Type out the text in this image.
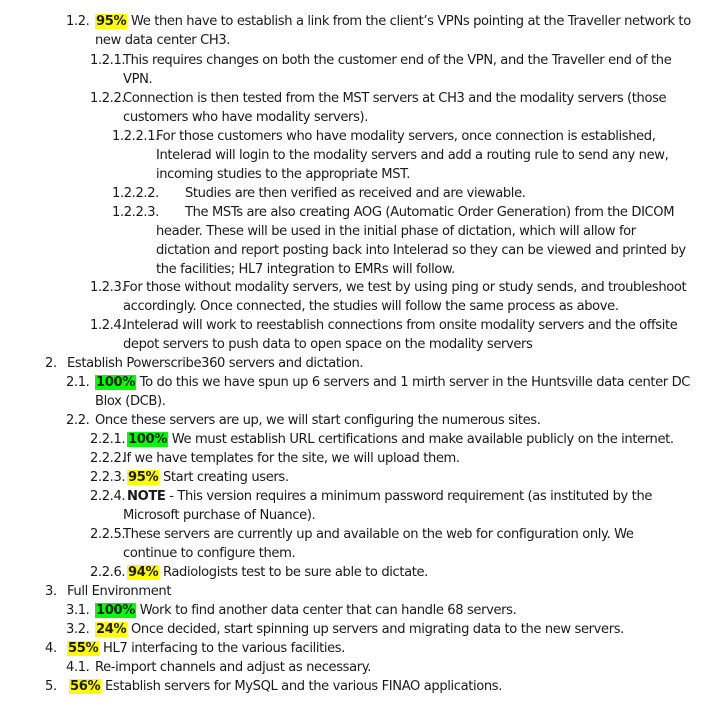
1.2. 95% We then have to establish a link from the client’s VPNs pointing at the Traveller network to
new data center CH3.
1.2.1.This requires changes on both the customer end of the VPN, and the Traveller end of the
VPN.
1.2.2.Connection is then tested from the MST servers at CH3 and the modality servers (those
customers who have modality servers).
1.2.2.1.For those customers who have modality servers, once connection is established,
Intelerad will login to the modality servers and add a routing rule to send any new,
incoming studies to the appropriate MST.
1.2.2.2. Studies are then verified as received and are viewable.
1.2.2.3. The MSTs are also creating AOG (Automatic Order Generation) from the DICOM
header. These will be used in the initial phase of dictation, which will allow for
dictation and report posting back into Intelerad so they can be viewed and printed by
the facilities; HL7 integration to EMRs will follow.
1.2.3.For those without modality servers, we test by using ping or study sends, and troubleshoot
accordingly. Once connected, the studies will follow the same process as above.
1.2.4.Intelerad will work to reestablish connections from onsite modality servers and the offsite
depot servers to push data to open space on the modality servers
2. Establish Powerscribe360 servers and dictation.
2.1. 100% To do this we have spun up 6 servers and 1 mirth server in the Huntsville data center DC
Blox (DCB).
2.2. Once these servers are up, we will start configuring the numerous sites.
2.2.1. 100% We must establish URL certifications and make available publicly on the internet.
2.2.2.If we have templates for the site, we will upload them.
2.2.3. 95% Start creating users.
2.2.4. NOTE - This version requires a minimum password requirement (as instituted by the
Microsoft purchase of Nuance).
2.2.5.These servers are currently up and available on the web for configuration only. We
continue to configure them.
2.2.6. 94% Radiologists test to be sure able to dictate.
3. Full Environment
3.1. 100% Work to find another data center that can handle 68 servers.
3.2. 24% Once decided, start spinning up servers and migrating data to the new servers.
4. 55% HL7 interfacing to the various facilities.
4.1. Re-import channels and adjust as necessary.
5. 56% Establish servers for MySQL and the various FINAO applications.
